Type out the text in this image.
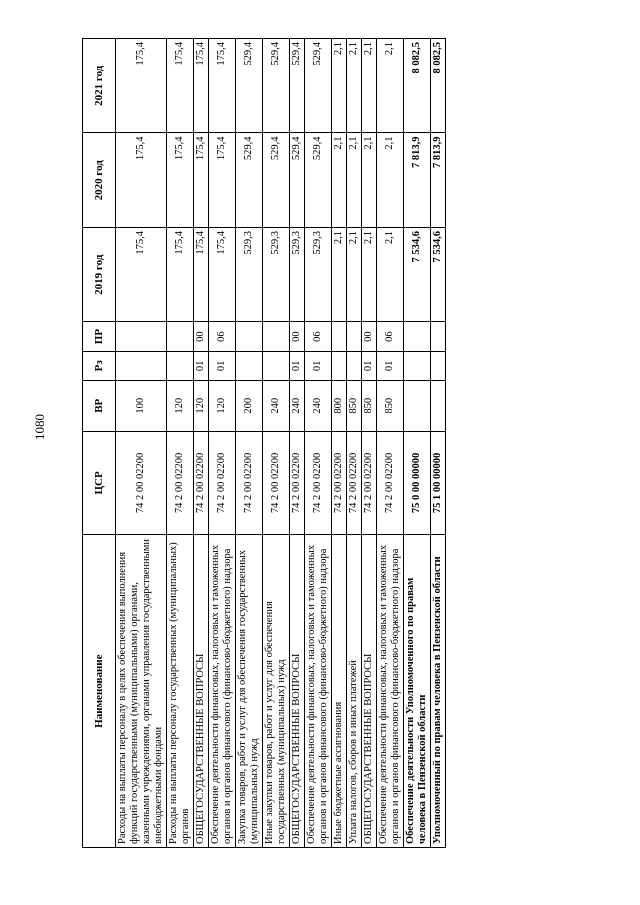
1080
Наименование	ЦСР	ВР	Рз	ПР	2019 год	2020 год	2021 год
Расходы на выплаты персоналу в целях обеспечения выполнения функций государственными (муниципальными) органами, казенными учреждениями, органами управления государственными внебюджетными фондами	74 2 00 02200	100			175,4	175,4	175,4
Расходы на выплаты персоналу государственных (муниципальных) органов	74 2 00 02200	120			175,4	175,4	175,4
ОБЩЕГОСУДАРСТВЕННЫЕ ВОПРОСЫ	74 2 00 02200	120	01	00	175,4	175,4	175,4
Обеспечение деятельности финансовых, налоговых и таможенных органов и органов финансового (финансово-бюджетного) надзора	74 2 00 02200	120	01	06	175,4	175,4	175,4
Закупка товаров, работ и услуг для обеспечения государственных (муниципальных) нужд	74 2 00 02200	200			529,3	529,4	529,4
Иные закупки товаров, работ и услуг для обеспечения государственных (муниципальных) нужд	74 2 00 02200	240			529,3	529,4	529,4
ОБЩЕГОСУДАРСТВЕННЫЕ ВОПРОСЫ	74 2 00 02200	240	01	00	529,3	529,4	529,4
Обеспечение деятельности финансовых, налоговых и таможенных органов и органов финансового (финансово-бюджетного) надзора	74 2 00 02200	240	01	06	529,3	529,4	529,4
Иные бюджетные ассигнования	74 2 00 02200	800			2,1	2,1	2,1
Уплата налогов, сборов и иных платежей	74 2 00 02200	850			2,1	2,1	2,1
ОБЩЕГОСУДАРСТВЕННЫЕ ВОПРОСЫ	74 2 00 02200	850	01	00	2,1	2,1	2,1
Обеспечение деятельности финансовых, налоговых и таможенных органов и органов финансового (финансово-бюджетного) надзора	74 2 00 02200	850	01	06	2,1	2,1	2,1
Обеспечение деятельности Уполномоченного по правам человека в Пензенской области	75 0 00 00000				7 534,6	7 813,9	8 082,5
Уполномоченный по правам человека в Пензенской области	75 1 00 00000				7 534,6	7 813,9	8 082,5
